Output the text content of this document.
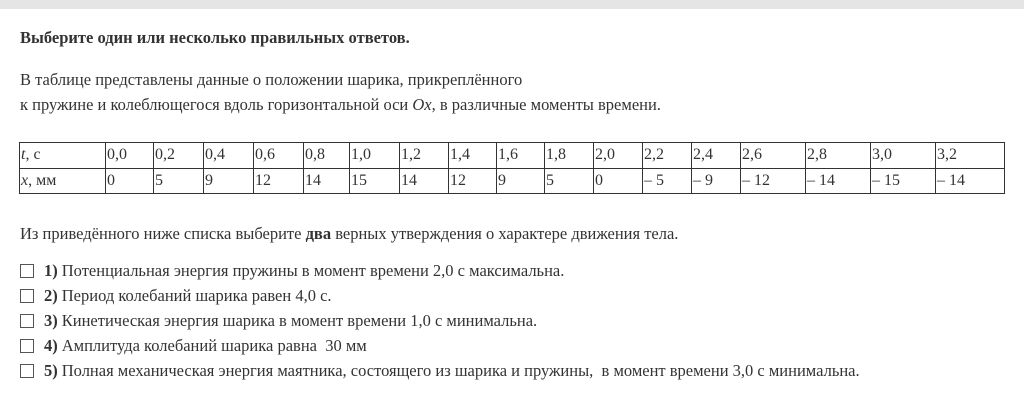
Выберите один или несколько правильных ответов.
В таблице представлены данные о положении шарика, прикреплённого
к пружине и колеблющегося вдоль горизонтальной оси Ox, в различные моменты времени.
t, с	0,0	0,2	0,4	0,6	0,8	1,0	1,2	1,4	1,6	1,8	2,0	2,2	2,4	2,6	2,8	3,0	3,2
x, мм	0	5	9	12	14	15	14	12	9	5	0	– 5	– 9	– 12	– 14	– 15	– 14
Из приведённого ниже списка выберите два верных утверждения о характере движения тела.
1) Потенциальная энергия пружины в момент времени 2,0 с максимальна.
2) Период колебаний шарика равен 4,0 с.
3) Кинетическая энергия шарика в момент времени 1,0 с минимальна.
4) Амплитуда колебаний шарика равна  30 мм
5) Полная механическая энергия маятника, состоящего из шарика и пружины,  в момент времени 3,0 с минимальна.
